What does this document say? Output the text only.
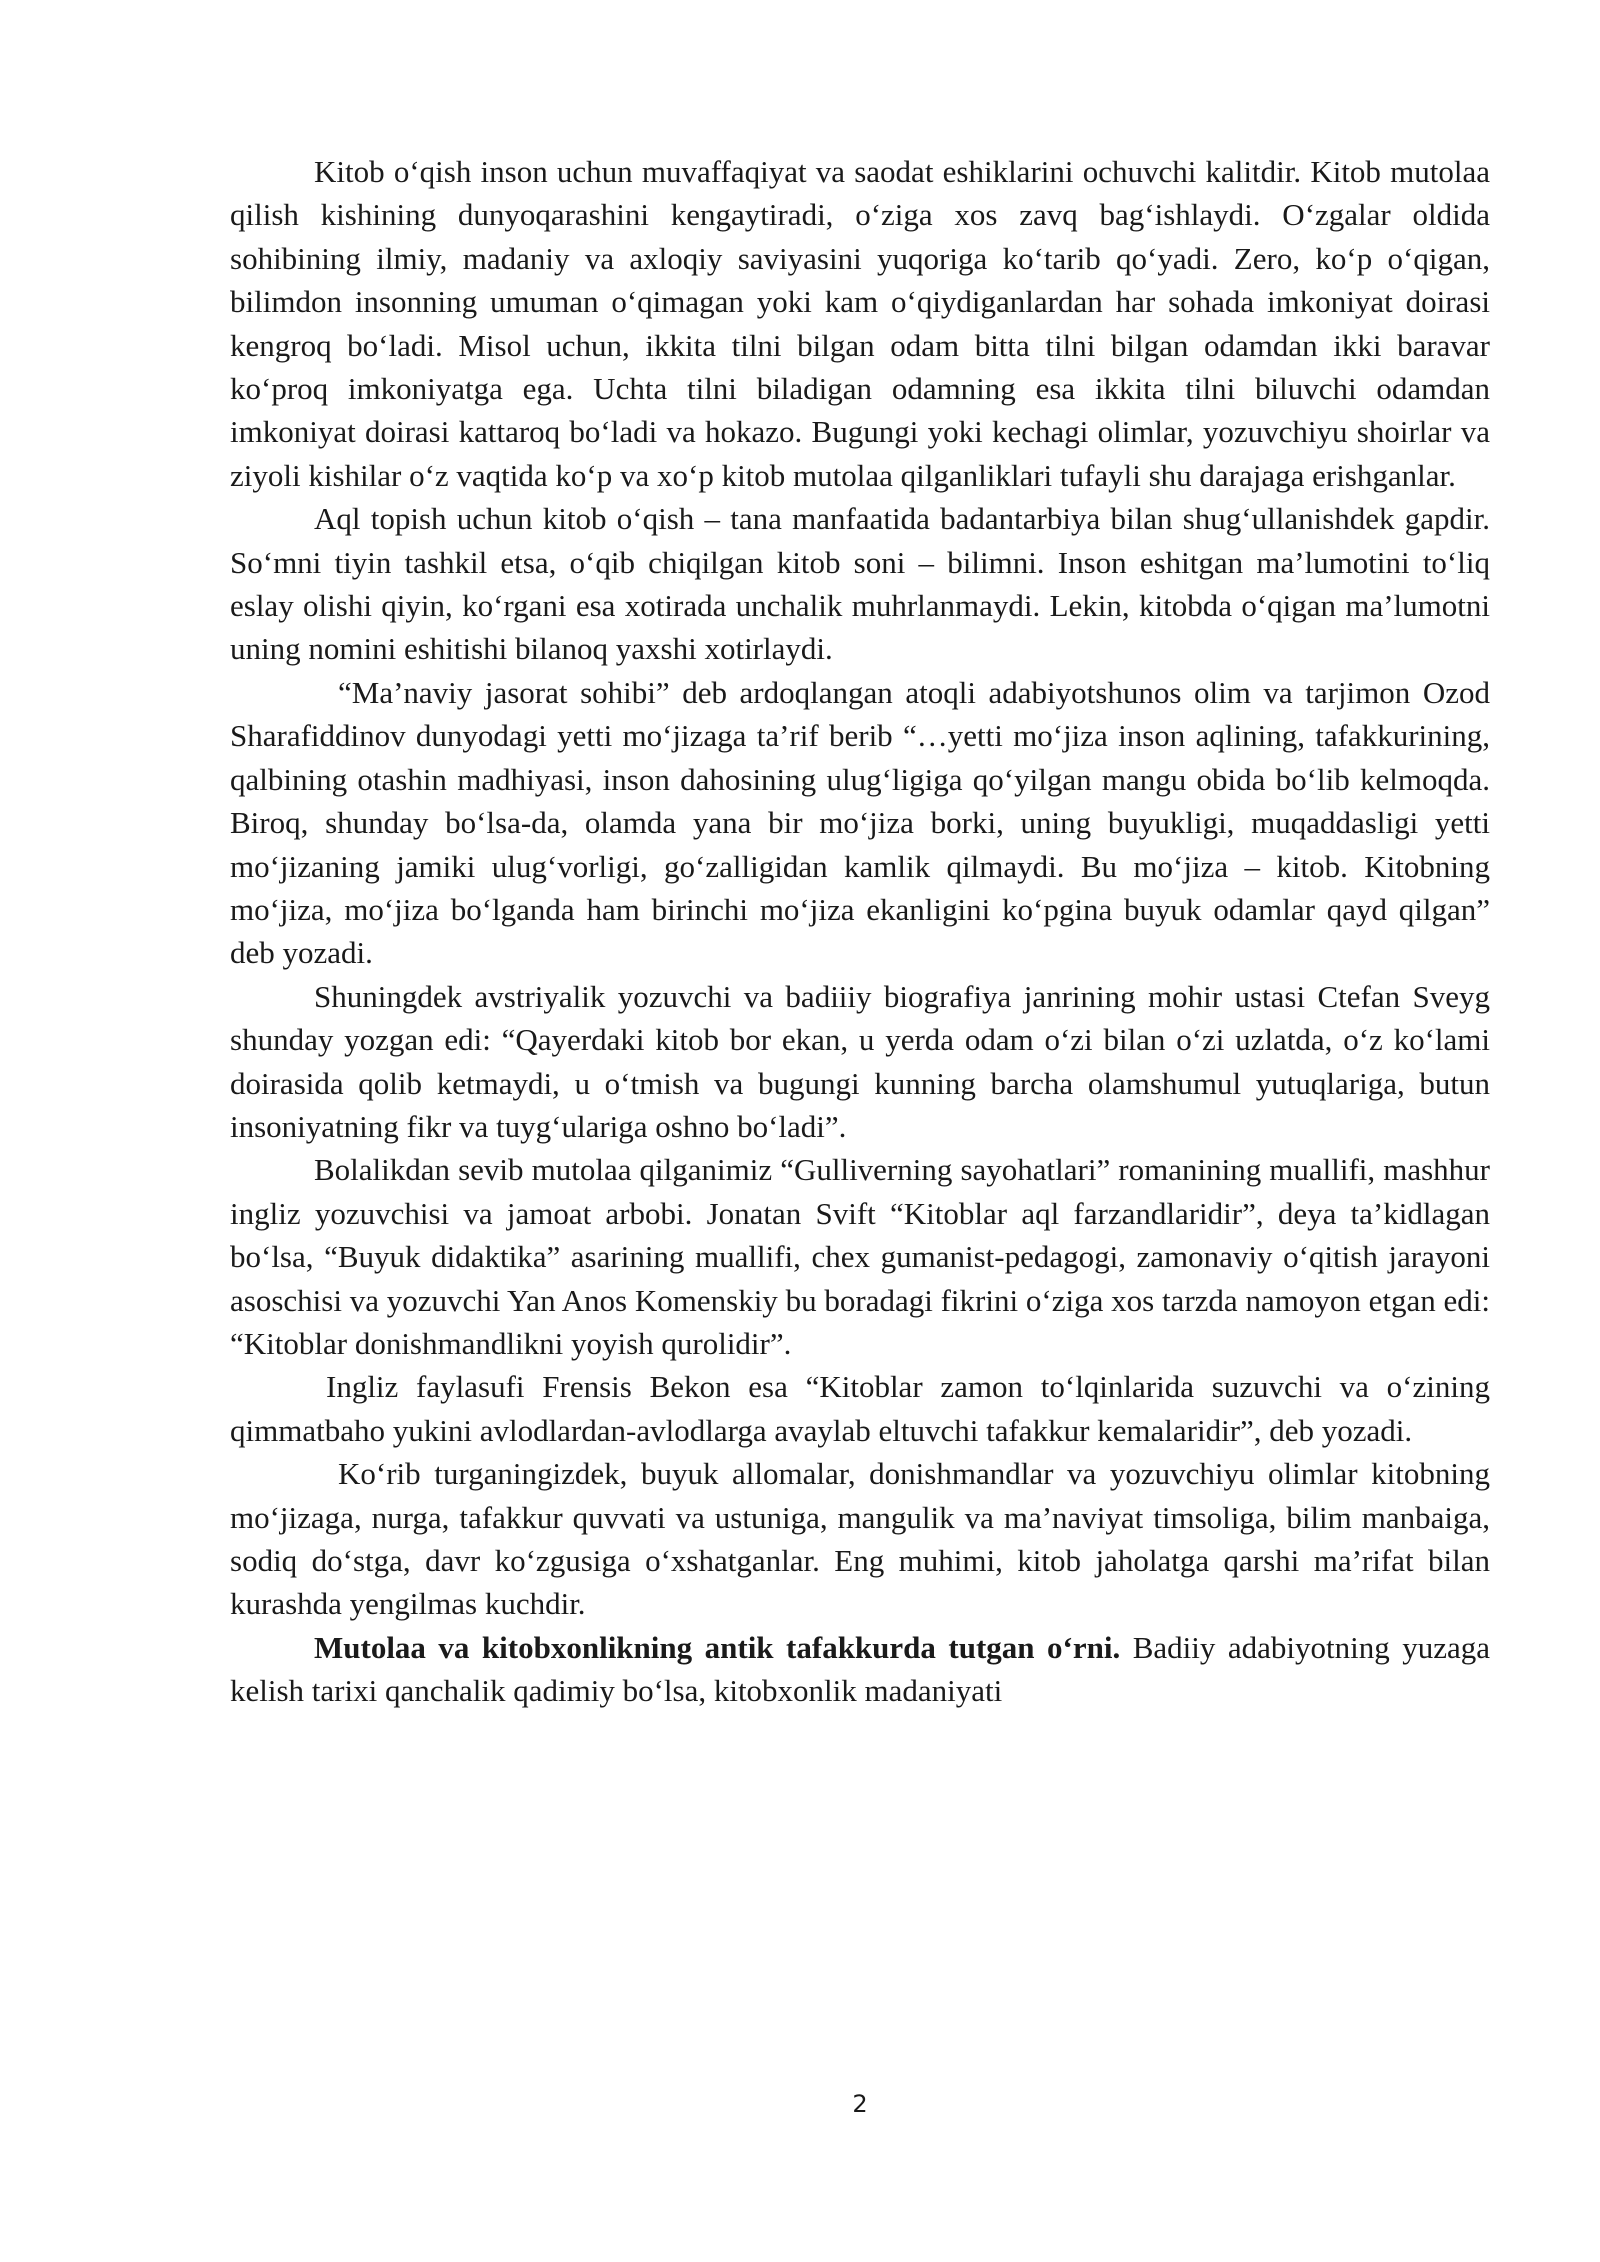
Kitob o‘qish inson uchun muvaffaqiyat va saodat eshiklarini ochuvchi kalitdir. Kitob mutolaa qilish kishining dunyoqarashini kengaytiradi, o‘ziga xos zavq bag‘ishlaydi. O‘zgalar oldida sohibining ilmiy, madaniy va axloqiy saviyasini yuqoriga ko‘tarib qo‘yadi. Zero, ko‘p o‘qigan, bilimdon insonning umuman o‘qimagan yoki kam o‘qiydiganlardan har sohada imkoniyat doirasi kengroq bo‘ladi. Misol uchun, ikkita tilni bilgan odam bitta tilni bilgan odamdan ikki baravar ko‘proq imkoniyatga ega. Uchta tilni biladigan odamning esa ikkita tilni biluvchi odamdan imkoniyat doirasi kattaroq bo‘ladi va hokazo. Bugungi yoki kechagi olimlar, yozuvchiyu shoirlar va ziyoli kishilar o‘z vaqtida ko‘p va xo‘p kitob mutolaa qilganliklari tufayli shu darajaga erishganlar.

Aql topish uchun kitob o‘qish – tana manfaatida badantarbiya bilan shug‘ullanishdek gapdir. So‘mni tiyin tashkil etsa, o‘qib chiqilgan kitob soni – bilimni. Inson eshitgan ma’lumotini to‘liq eslay olishi qiyin, ko‘rgani esa xotirada unchalik muhrlanmaydi. Lekin, kitobda o‘qigan ma’lumotni uning nomini eshitishi bilanoq yaxshi xotirlaydi.

“Ma’naviy jasorat sohibi” deb ardoqlangan atoqli adabiyotshunos olim va tarjimon Ozod Sharafiddinov dunyodagi yetti mo‘jizaga ta’rif berib “…yetti mo‘jiza inson aqlining, tafakkurining, qalbining otashin madhiyasi, inson dahosining ulug‘ligiga qo‘yilgan mangu obida bo‘lib kelmoqda. Biroq, shunday bo‘lsa-da, olamda yana bir mo‘jiza borki, uning buyukligi, muqaddasligi yetti mo‘jizaning jamiki ulug‘vorligi, go‘zalligidan kamlik qilmaydi. Bu mo‘jiza – kitob. Kitobning mo‘jiza, mo‘jiza bo‘lganda ham birinchi mo‘jiza ekanligini ko‘pgina buyuk odamlar qayd qilgan” deb yozadi.

Shuningdek avstriyalik yozuvchi va badiiiy biografiya janrining mohir ustasi Ctefan Sveyg shunday yozgan edi: “Qayerdaki kitob bor ekan, u yerda odam o‘zi bilan o‘zi uzlatda, o‘z ko‘lami doirasida qolib ketmaydi, u o‘tmish va bugungi kunning barcha olamshumul yutuqlariga, butun insoniyatning fikr va tuyg‘ulariga oshno bo‘ladi”.

Bolalikdan sevib mutolaa qilganimiz “Gulliverning sayohatlari” romanining muallifi, mashhur ingliz yozuvchisi va jamoat arbobi. Jonatan Svift “Kitoblar aql farzandlaridir”, deya ta’kidlagan bo‘lsa, “Buyuk didaktika” asarining muallifi, chex gumanist-pedagogi, zamonaviy o‘qitish jarayoni asoschisi va yozuvchi Yan Anos Komenskiy bu boradagi fikrini o‘ziga xos tarzda namoyon etgan edi: “Kitoblar donishmandlikni yoyish qurolidir”.

Ingliz faylasufi Frensis Bekon esa “Kitoblar zamon to‘lqinlarida suzuvchi va o‘zining qimmatbaho yukini avlodlardan-avlodlarga avaylab eltuvchi tafakkur kemalaridir”, deb yozadi.

Ko‘rib turganingizdek, buyuk allomalar, donishmandlar va yozuvchiyu olimlar kitobning mo‘jizaga, nurga, tafakkur quvvati va ustuniga, mangulik va ma’naviyat timsoliga, bilim manbaiga, sodiq do‘stga, davr ko‘zgusiga o‘xshatganlar. Eng muhimi, kitob jaholatga qarshi ma’rifat bilan kurashda yengilmas kuchdir.

Mutolaa va kitobxonlikning antik tafakkurda tutgan o‘rni. Badiiy adabiyotning yuzaga kelish tarixi qanchalik qadimiy bo‘lsa, kitobxonlik madaniyati

2
